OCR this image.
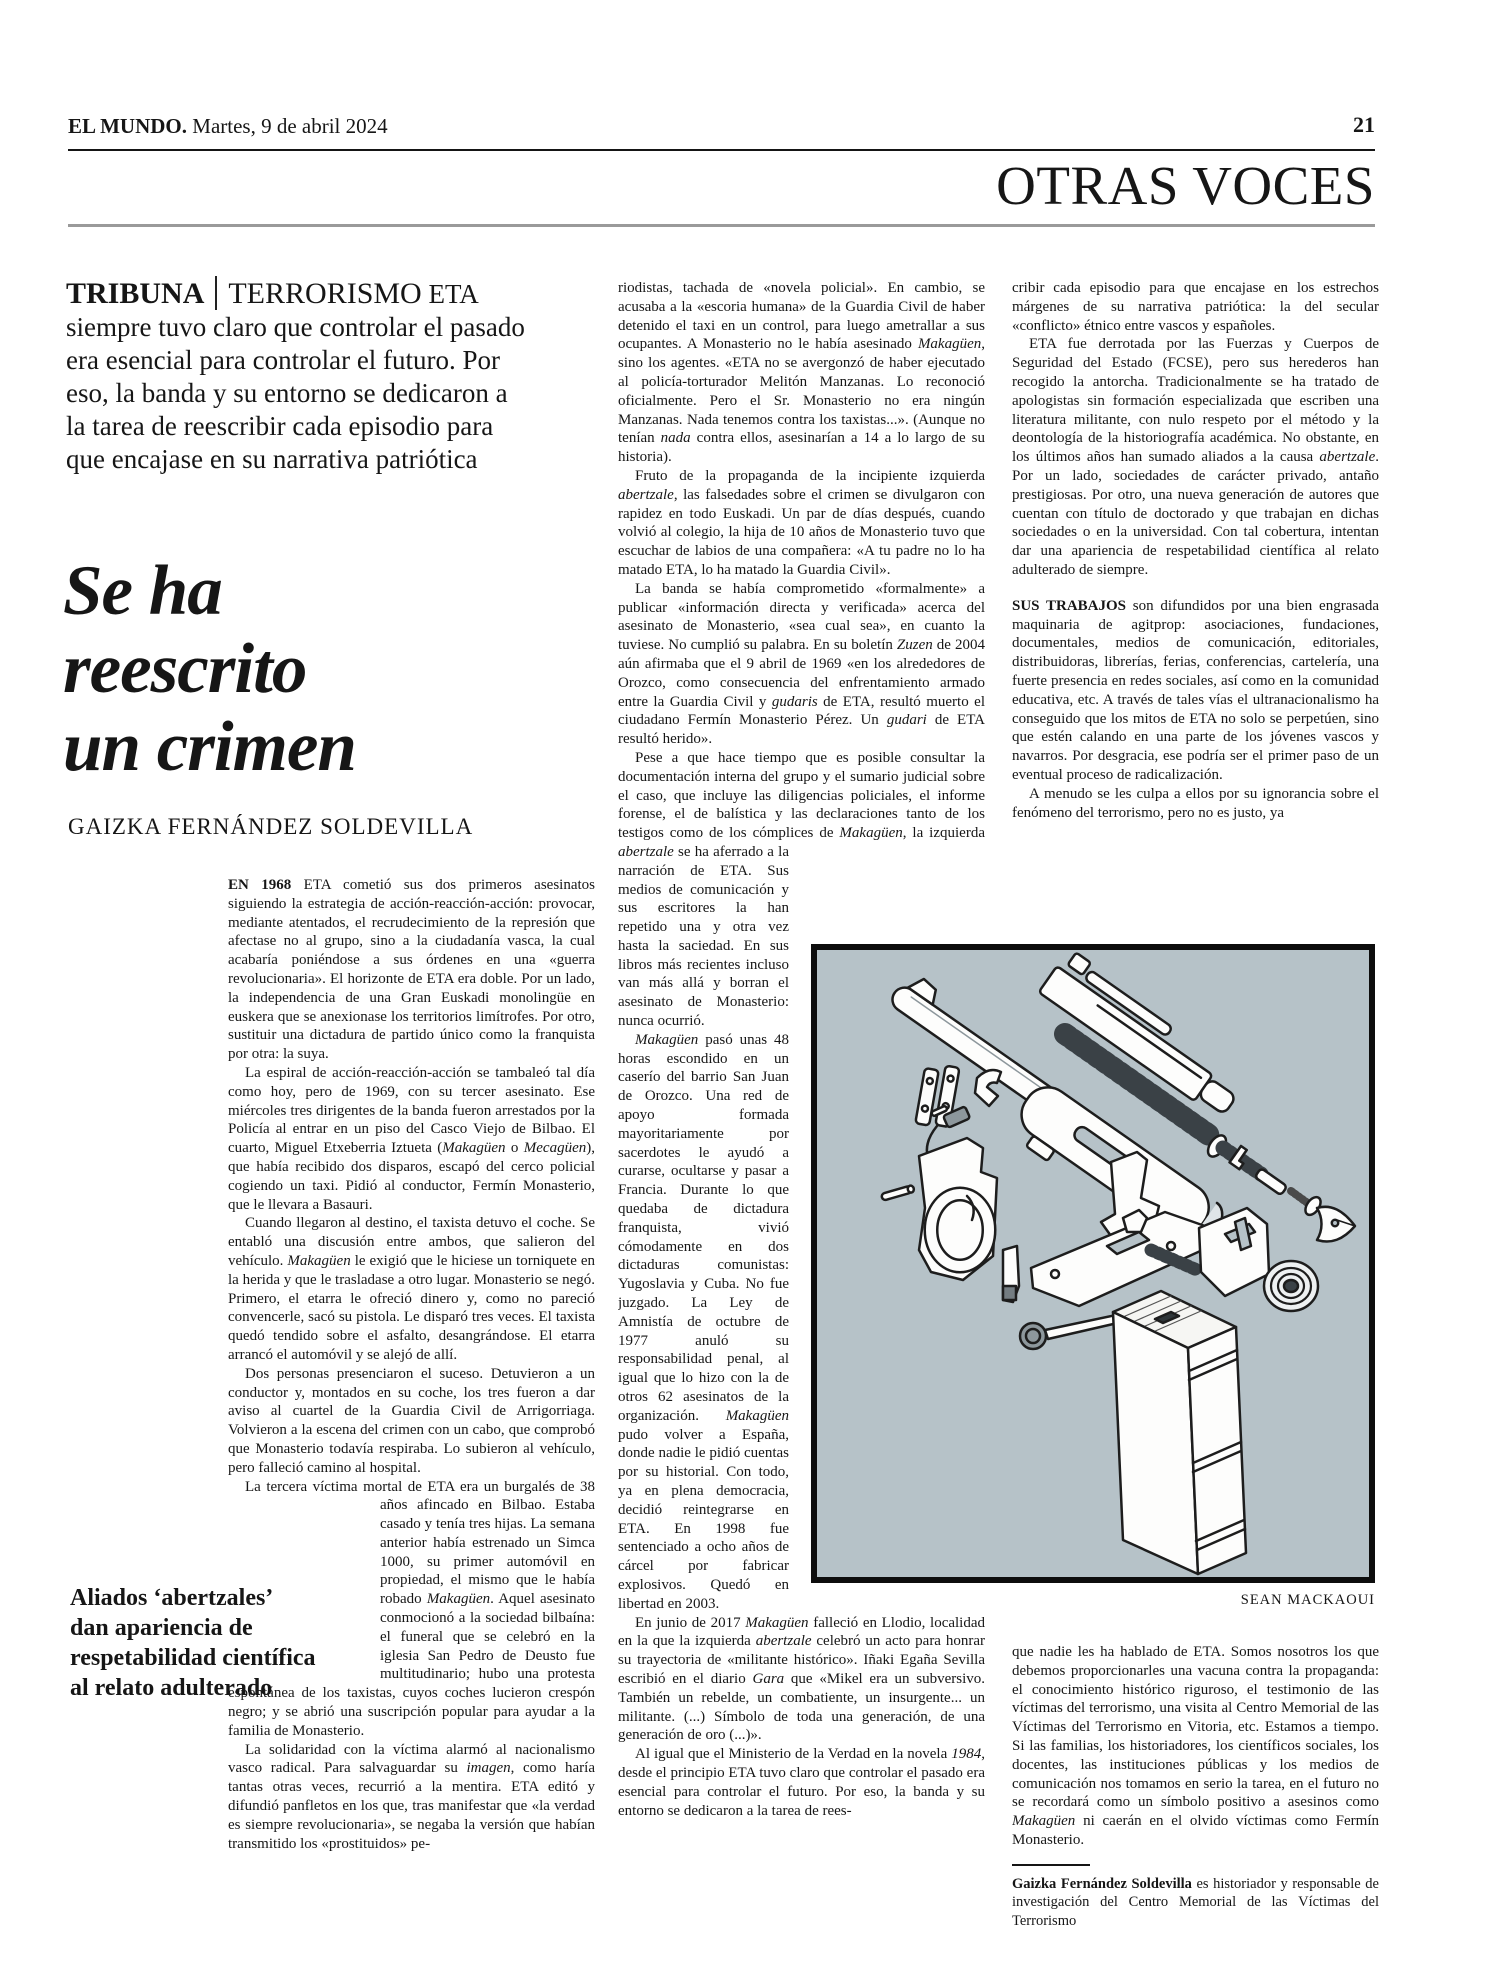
EL MUNDO. Martes, 9 de abril 2024	21
OTRAS VOCES
TRIBUNA TERRORISMO ETA siempre tuvo claro que controlar el pasado era esencial para controlar el futuro. Por eso, la banda y su entorno se dedicaron a la tarea de reescribir cada episodio para que encajase en su narrativa patriótica
Se ha
reescrito
un crimen
GAIZKA FERNÁNDEZ SOLDEVILLA

EN 1968 ETA cometió sus dos primeros asesinatos siguiendo la estrategia de acción-reacción-acción: provocar, mediante atentados, el recrudecimiento de la represión que afectase no al grupo, sino a la ciudadanía vasca, la cual acabaría poniéndose a sus órdenes en una «guerra revolucionaria». El horizonte de ETA era doble. Por un lado, la independencia de una Gran Euskadi monolingüe en euskera que se anexionase los territorios limítrofes. Por otro, sustituir una dictadura de partido único como la franquista por otra: la suya.

La espiral de acción-reacción-acción se tambaleó tal día como hoy, pero de 1969, con su tercer asesinato. Ese miércoles tres dirigentes de la banda fueron arrestados por la Policía al entrar en un piso del Casco Viejo de Bilbao. El cuarto, Miguel Etxeberria Iztueta (Makagüen o Mecagüen), que había recibido dos disparos, escapó del cerco policial cogiendo un taxi. Pidió al conductor, Fermín Monasterio, que le llevara a Basauri.

Cuando llegaron al destino, el taxista detuvo el coche. Se entabló una discusión entre ambos, que salieron del vehículo. Makagüen le exigió que le hiciese un torniquete en la herida y que le trasladase a otro lugar. Monasterio se negó. Primero, el etarra le ofreció dinero y, como no pareció convencerle, sacó su pistola. Le disparó tres veces. El taxista quedó tendido sobre el asfalto, desangrándose. El etarra arrancó el automóvil y se alejó de allí.

Dos personas presenciaron el suceso. Detuvieron a un conductor y, montados en su coche, los tres fueron a dar aviso al cuartel de la Guardia Civil de Arrigorriaga. Volvieron a la escena del crimen con un cabo, que comprobó que Monasterio todavía respiraba. Lo subieron al vehículo, pero falleció camino al hospital.

La tercera víctima mortal de ETA era un burgalés de
38 años afincado en Bilbao. Estaba casado y tenía tres hijas. La semana anterior había estrenado un Simca 1000, su primer automóvil en propiedad, el mismo que le había robado Makagüen. Aquel asesinato conmocionó a la sociedad bilbaína: el funeral que se celebró en la iglesia San Pedro de Deusto fue multitudinario; hubo una protesta espontánea de los taxistas, cuyos coches lucieron crespón negro; y se abrió una suscripción popular para ayudar a la familia de Monasterio.

La solidaridad con la víctima alarmó al nacionalismo vasco radical. Para salvaguardar su imagen, como haría tantas otras veces, recurrió a la mentira. ETA editó y difundió panfletos en los que, tras manifestar que «la verdad es siempre revolucionaria», se negaba la versión que habían transmitido los «prostituidos» pe-

riodistas, tachada de «novela policial». En cambio, se acusaba a la «escoria humana» de la Guardia Civil de haber detenido el taxi en un control, para luego ametrallar a sus ocupantes. A Monasterio no le había asesinado Makagüen, sino los agentes. «ETA no se avergonzó de haber ejecutado al policía-torturador Melitón Manzanas. Lo reconoció oficialmente. Pero el Sr. Monasterio no era ningún Manzanas. Nada tenemos contra los taxistas...». (Aunque no tenían nada contra ellos, asesinarían a 14 a lo largo de su historia).

Fruto de la propaganda de la incipiente izquierda abertzale, las falsedades sobre el crimen se divulgaron con rapidez en todo Euskadi. Un par de días después, cuando volvió al colegio, la hija de 10 años de Monasterio tuvo que escuchar de labios de una compañera: «A tu padre no lo ha matado ETA, lo ha matado la Guardia Civil».

La banda se había comprometido «formalmente» a publicar «información directa y verificada» acerca del asesinato de Monasterio, «sea cual sea», en cuanto la tuviese. No cumplió su palabra. En su boletín Zuzen de 2004 aún afirmaba que el 9 abril de 1969 «en los alrededores de Orozco, como consecuencia del enfrentamiento armado entre la Guardia Civil y gudaris de ETA, resultó muerto el ciudadano Fermín Monasterio Pérez. Un gudari de ETA resultó herido».

Pese a que hace tiempo que es posible consultar la documentación interna del grupo y el sumario judicial sobre el caso, que incluye las diligencias policiales, el informe forense, el de balística y las declaraciones tanto de los testigos como de los cómplices de
Makagüen, la izquierda abertzale se ha aferrado a la narración de ETA. Sus medios de comunicación y sus escritores la han repetido una y otra vez hasta la saciedad. En sus libros más recientes incluso van más allá y borran el asesinato de Monasterio: nunca ocurrió.

Makagüen pasó unas 48 horas escondido en un caserío del barrio San Juan de Orozco. Una red de apoyo formada mayoritariamente por sacerdotes le ayudó a curarse, ocultarse y pasar a Francia. Durante lo que quedaba de dictadura franquista, vivió cómodamente en dos dictaduras comunistas: Yugoslavia y Cuba. No fue juzgado. La Ley de Amnistía de octubre de 1977 anuló su responsabilidad penal, al igual que lo hizo con la de otros 62 asesinatos de la organización. Makagüen pudo volver a España, donde nadie le pidió cuentas por su historial. Con todo, ya en plena democracia, decidió reintegrarse en ETA. En 1998 fue sentenciado a ocho años de cárcel por fabricar explosivos. Quedó en libertad en 2003.

En junio de 2017 Makagüen falleció en Llodio, localidad en la que la izquierda abertzale celebró un acto para honrar su trayectoria de «militante histórico». Iñaki Egaña Sevilla escribió en el diario Gara que «Mikel era un subversivo. También un rebelde, un combatiente, un insurgente... un militante. (...) Símbolo de toda una generación, de una generación de oro (...)».

Al igual que el Ministerio de la Verdad en la novela 1984, desde el principio ETA tuvo claro que controlar el pasado era esencial para controlar el futuro. Por eso, la banda y su entorno se dedicaron a la tarea de rees-

cribir cada episodio para que encajase en los estrechos márgenes de su narrativa patriótica: la del secular «conflicto» étnico entre vascos y españoles.

ETA fue derrotada por las Fuerzas y Cuerpos de Seguridad del Estado (FCSE), pero sus herederos han recogido la antorcha. Tradicionalmente se ha tratado de apologistas sin formación especializada que escriben una literatura militante, con nulo respeto por el método y la deontología de la historiografía académica. No obstante, en los últimos años han sumado aliados a la causa abertzale. Por un lado, sociedades de carácter privado, antaño prestigiosas. Por otro, una nueva generación de autores que cuentan con título de doctorado y que trabajan en dichas sociedades o en la universidad. Con tal cobertura, intentan dar una apariencia de respetabilidad científica al relato adulterado de siempre.

SUS TRABAJOS son difundidos por una bien engrasada maquinaria de agitprop: asociaciones, fundaciones, documentales, medios de comunicación, editoriales, distribuidoras, librerías, ferias, conferencias, cartelería, una fuerte presencia en redes sociales, así como en la comunidad educativa, etc. A través de tales vías el ultranacionalismo ha conseguido que los mitos de ETA no solo se perpetúen, sino que estén calando en una parte de los jóvenes vascos y navarros. Por desgracia, ese podría ser el primer paso de un eventual proceso de radicalización.

A menudo se les culpa a ellos por su ignorancia sobre el fenómeno del terrorismo, pero no es justo, ya

que nadie les ha hablado de ETA. Somos nosotros los que debemos proporcionarles una vacuna contra la propaganda: el conocimiento histórico riguroso, el testimonio de las víctimas del terrorismo, una visita al Centro Memorial de las Víctimas del Terrorismo en Vitoria, etc. Estamos a tiempo. Si las familias, los historiadores, los científicos sociales, los docentes, las instituciones públicas y los medios de comunicación nos tomamos en serio la tarea, en el futuro no se recordará como un símbolo positivo a asesinos como Makagüen ni caerán en el olvido víctimas como Fermín Monasterio.

Gaizka Fernández Soldevilla es historiador y responsable de investigación del Centro Memorial de las Víctimas del Terrorismo
Aliados ‘abertzales’
dan apariencia de
respetabilidad científica
al relato adulterado
SEAN MACKAOUI
